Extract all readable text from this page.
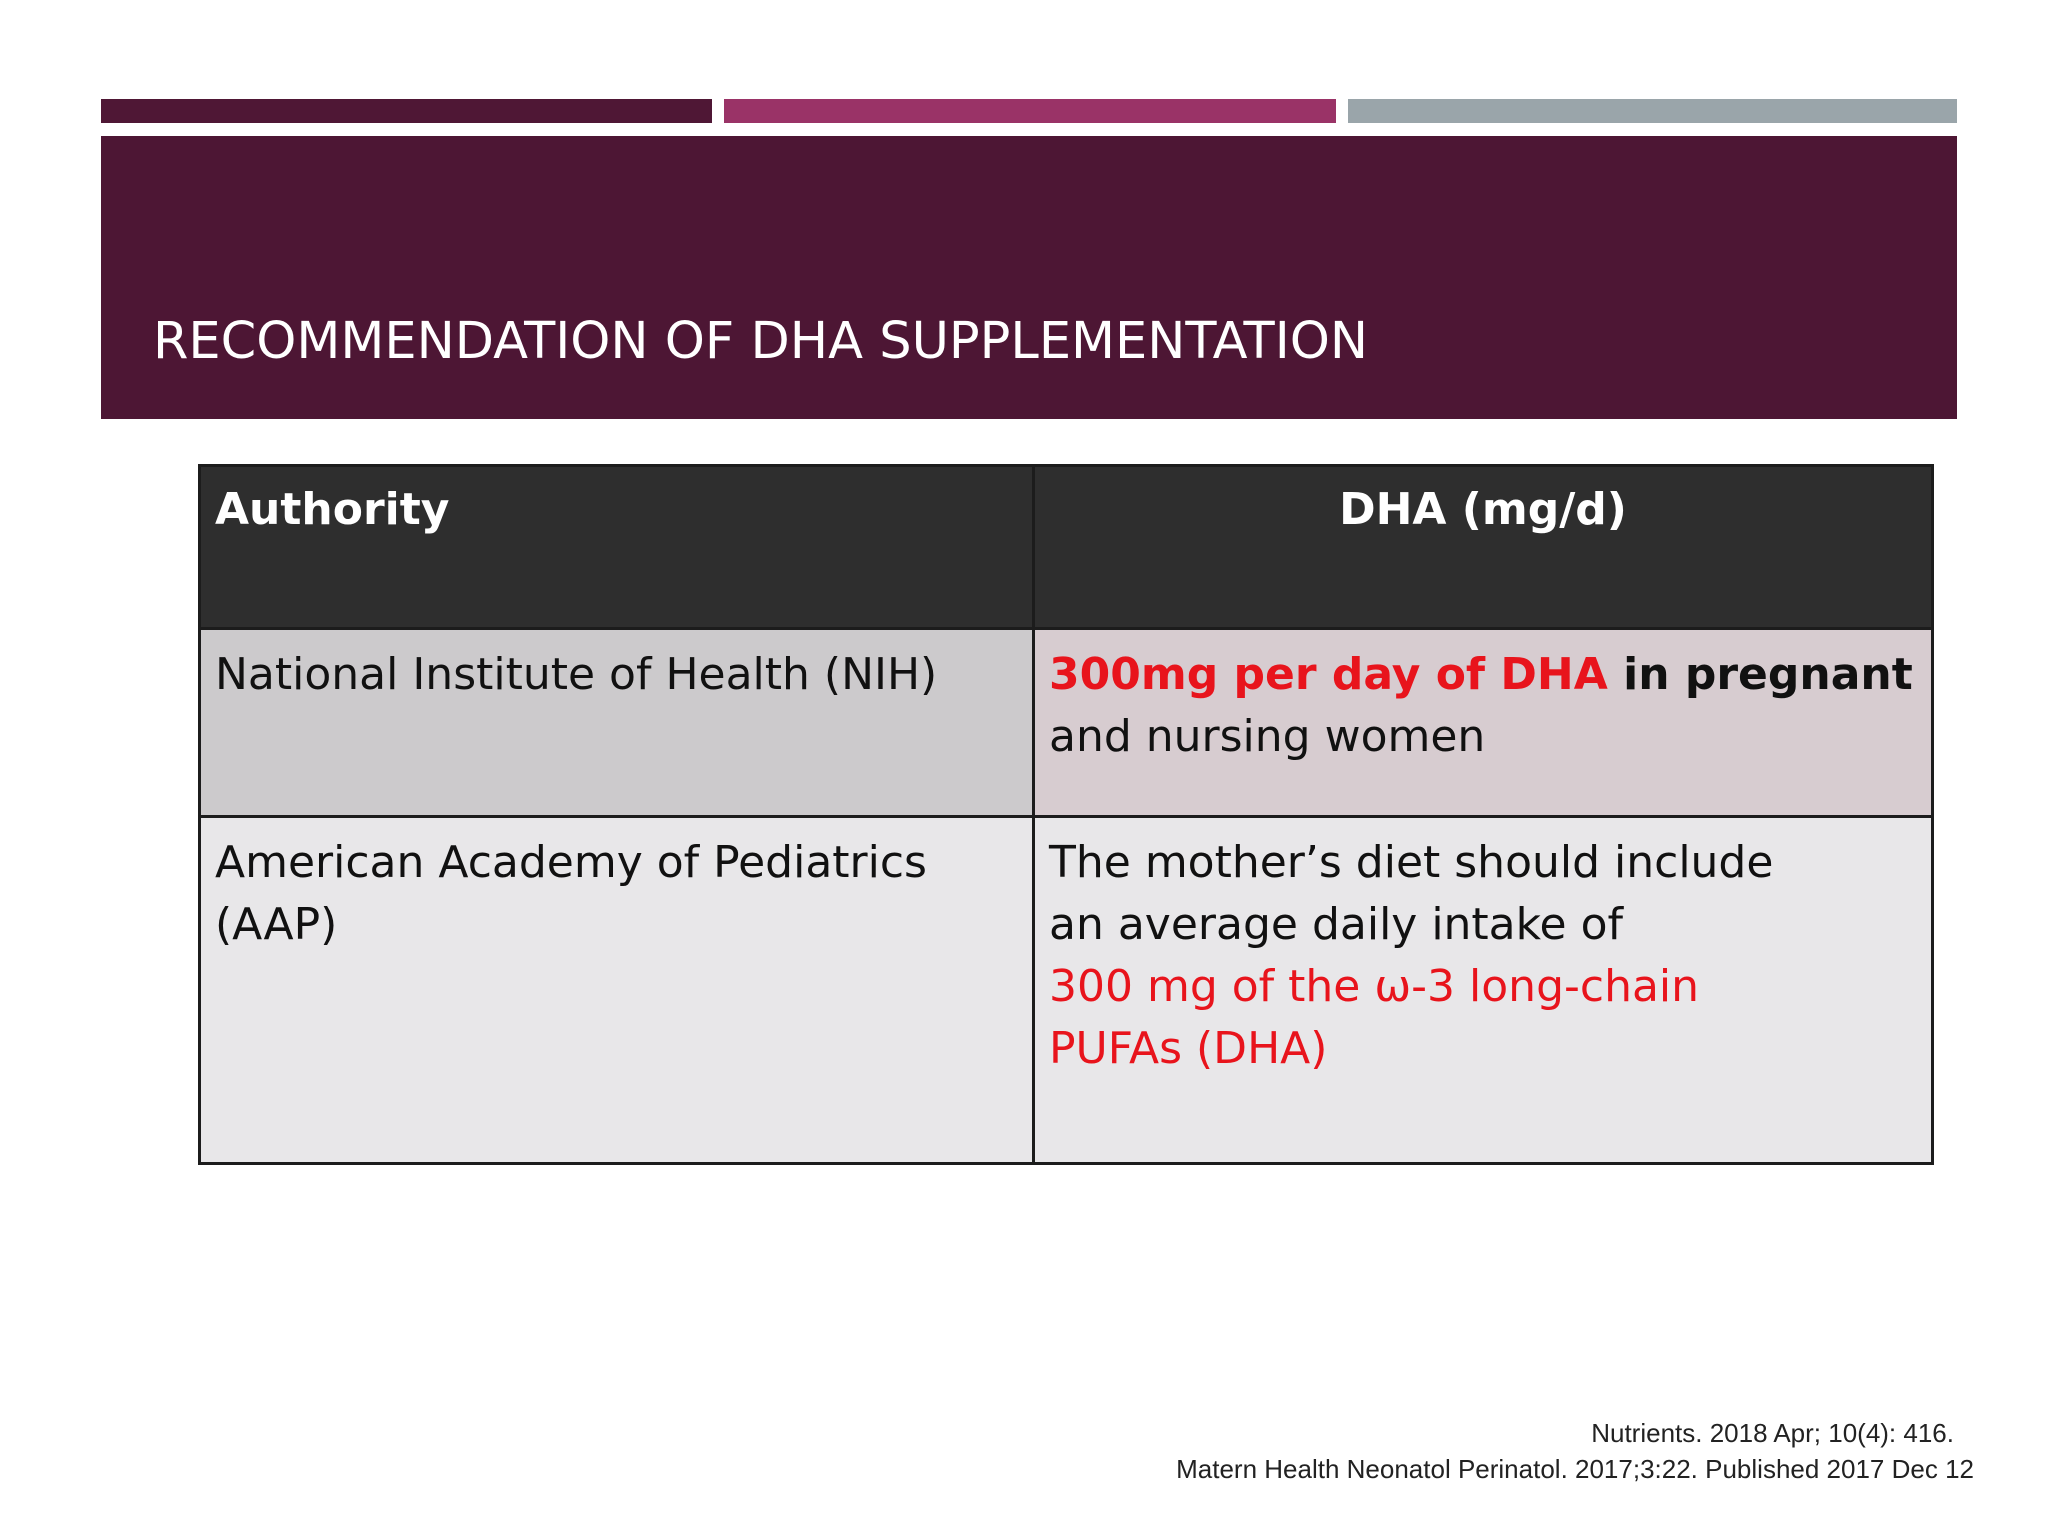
RECOMMENDATION OF DHA SUPPLEMENTATION
Authority	DHA (mg/d)
National Institute of Health (NIH)	300mg per day of DHA in pregnant
and nursing women
American Academy of Pediatrics (AAP)	The mother’s diet should include
an average daily intake of
300 mg of the ω-3 long-chain
PUFAs (DHA)
Nutrients. 2018 Apr; 10(4): 416.
Matern Health Neonatol Perinatol. 2017;3:22. Published 2017 Dec 12
